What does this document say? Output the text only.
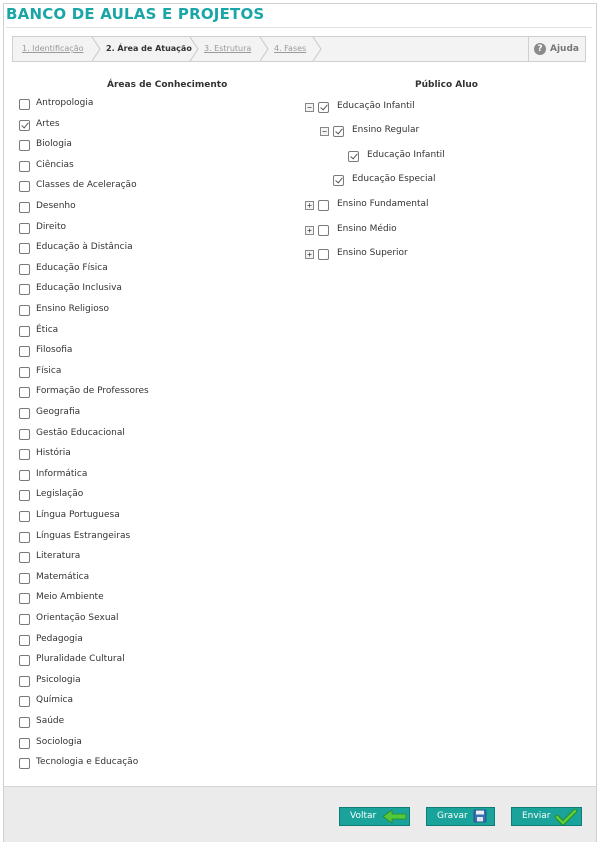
BANCO DE AULAS E PROJETOS
1. Identificação	2. Área de Atuação 3. Estrutura	4. Fases	? Ajuda
Áreas de Conhecimento
Antropologia
Artes
Biologia
Ciências
Classes de Aceleração
Desenho
Direito
Educação à Distância
Educação Física
Educação Inclusiva
Ensino Religioso
Ética
Filosofia
Física
Formação de Professores
Geografia
Gestão Educacional
História
Informática
Legislação
Língua Portuguesa
Línguas Estrangeiras
Literatura
Matemática
Meio Ambiente
Orientação Sexual
Pedagogia
Pluralidade Cultural
Psicologia
Química
Saúde
Sociologia
Tecnologia e Educação
Público Aluo
−	Educação Infantil
−	Ensino Regular
Educação Infantil
Educação Especial
+	Ensino Fundamental
+	Ensino Médio
+	Ensino Superior
Voltar	Gravar	Enviar
